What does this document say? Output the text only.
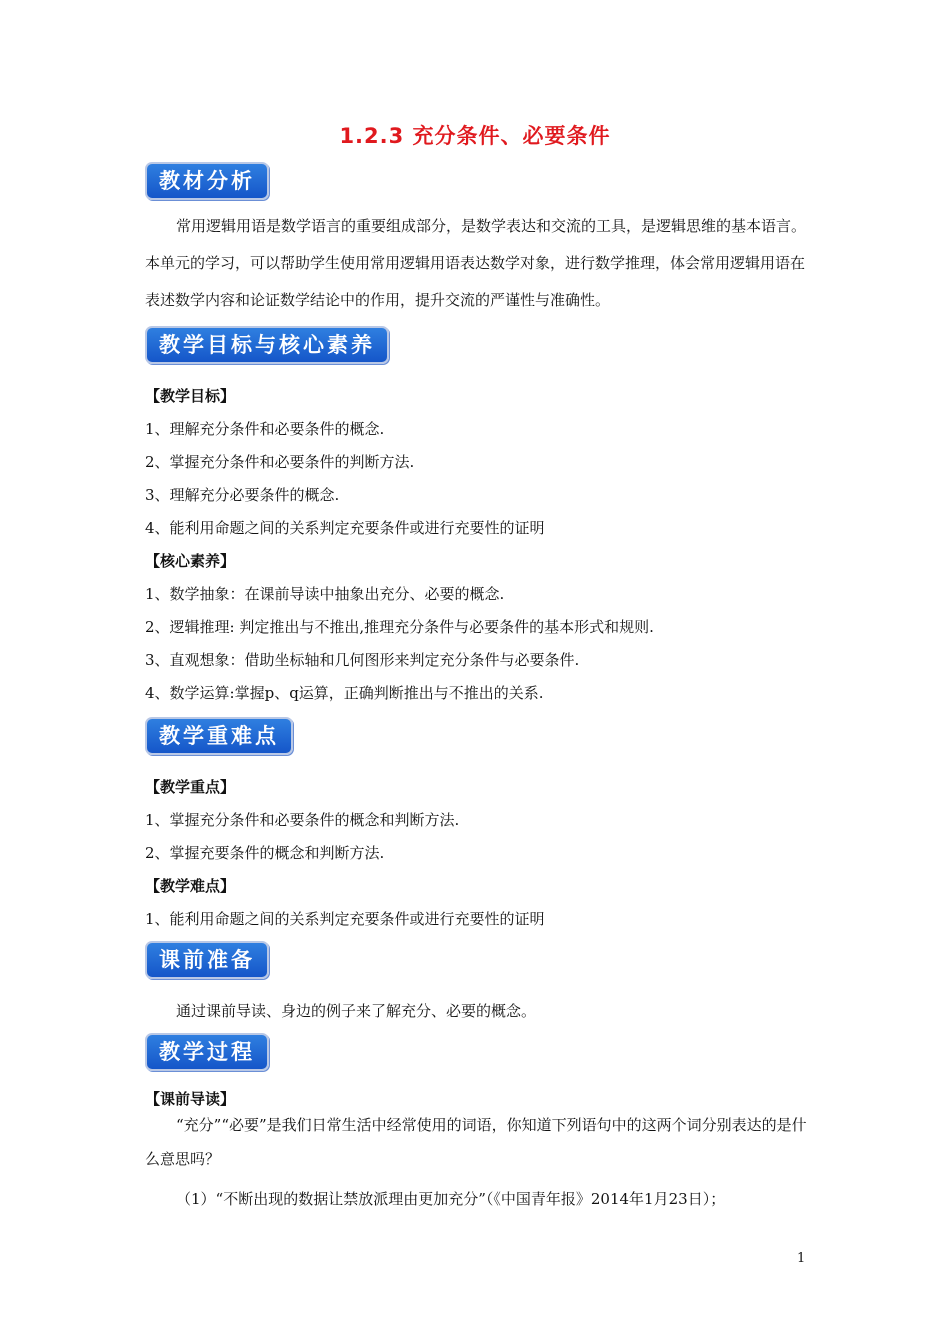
1.2.3 充分条件、必要条件
教材分析

常用逻辑用语是数学语言的重要组成部分，是数学表达和交流的工具，是逻辑思维的基本语言。本单元的学习，可以帮助学生使用常用逻辑用语表达数学对象，进行数学推理，体会常用逻辑用语在表述数学内容和论证数学结论中的作用，提升交流的严谨性与准确性。

教学目标与核心素养
【教学目标】
1、理解充分条件和必要条件的概念.
2、掌握充分条件和必要条件的判断方法.
3、理解充分必要条件的概念.
4、能利用命题之间的关系判定充要条件或进行充要性的证明
【核心素养】
1、数学抽象：在课前导读中抽象出充分、必要的概念.
2、逻辑推理: 判定推出与不推出,推理充分条件与必要条件的基本形式和规则.
3、直观想象：借助坐标轴和几何图形来判定充分条件与必要条件.
4、数学运算:掌握p、q运算，正确判断推出与不推出的关系.
教学重难点
【教学重点】
1、掌握充分条件和必要条件的概念和判断方法.
2、掌握充要条件的概念和判断方法.
【教学难点】
1、能利用命题之间的关系判定充要条件或进行充要性的证明
课前准备
通过课前导读、身边的例子来了解充分、必要的概念。
教学过程
【课前导读】

“充分”“必要”是我们日常生活中经常使用的词语，你知道下列语句中的这两个词分别表达的是什么意思吗？

（1）“不断出现的数据让禁放派理由更加充分”（《中国青年报》2014年1月23日）；
1
